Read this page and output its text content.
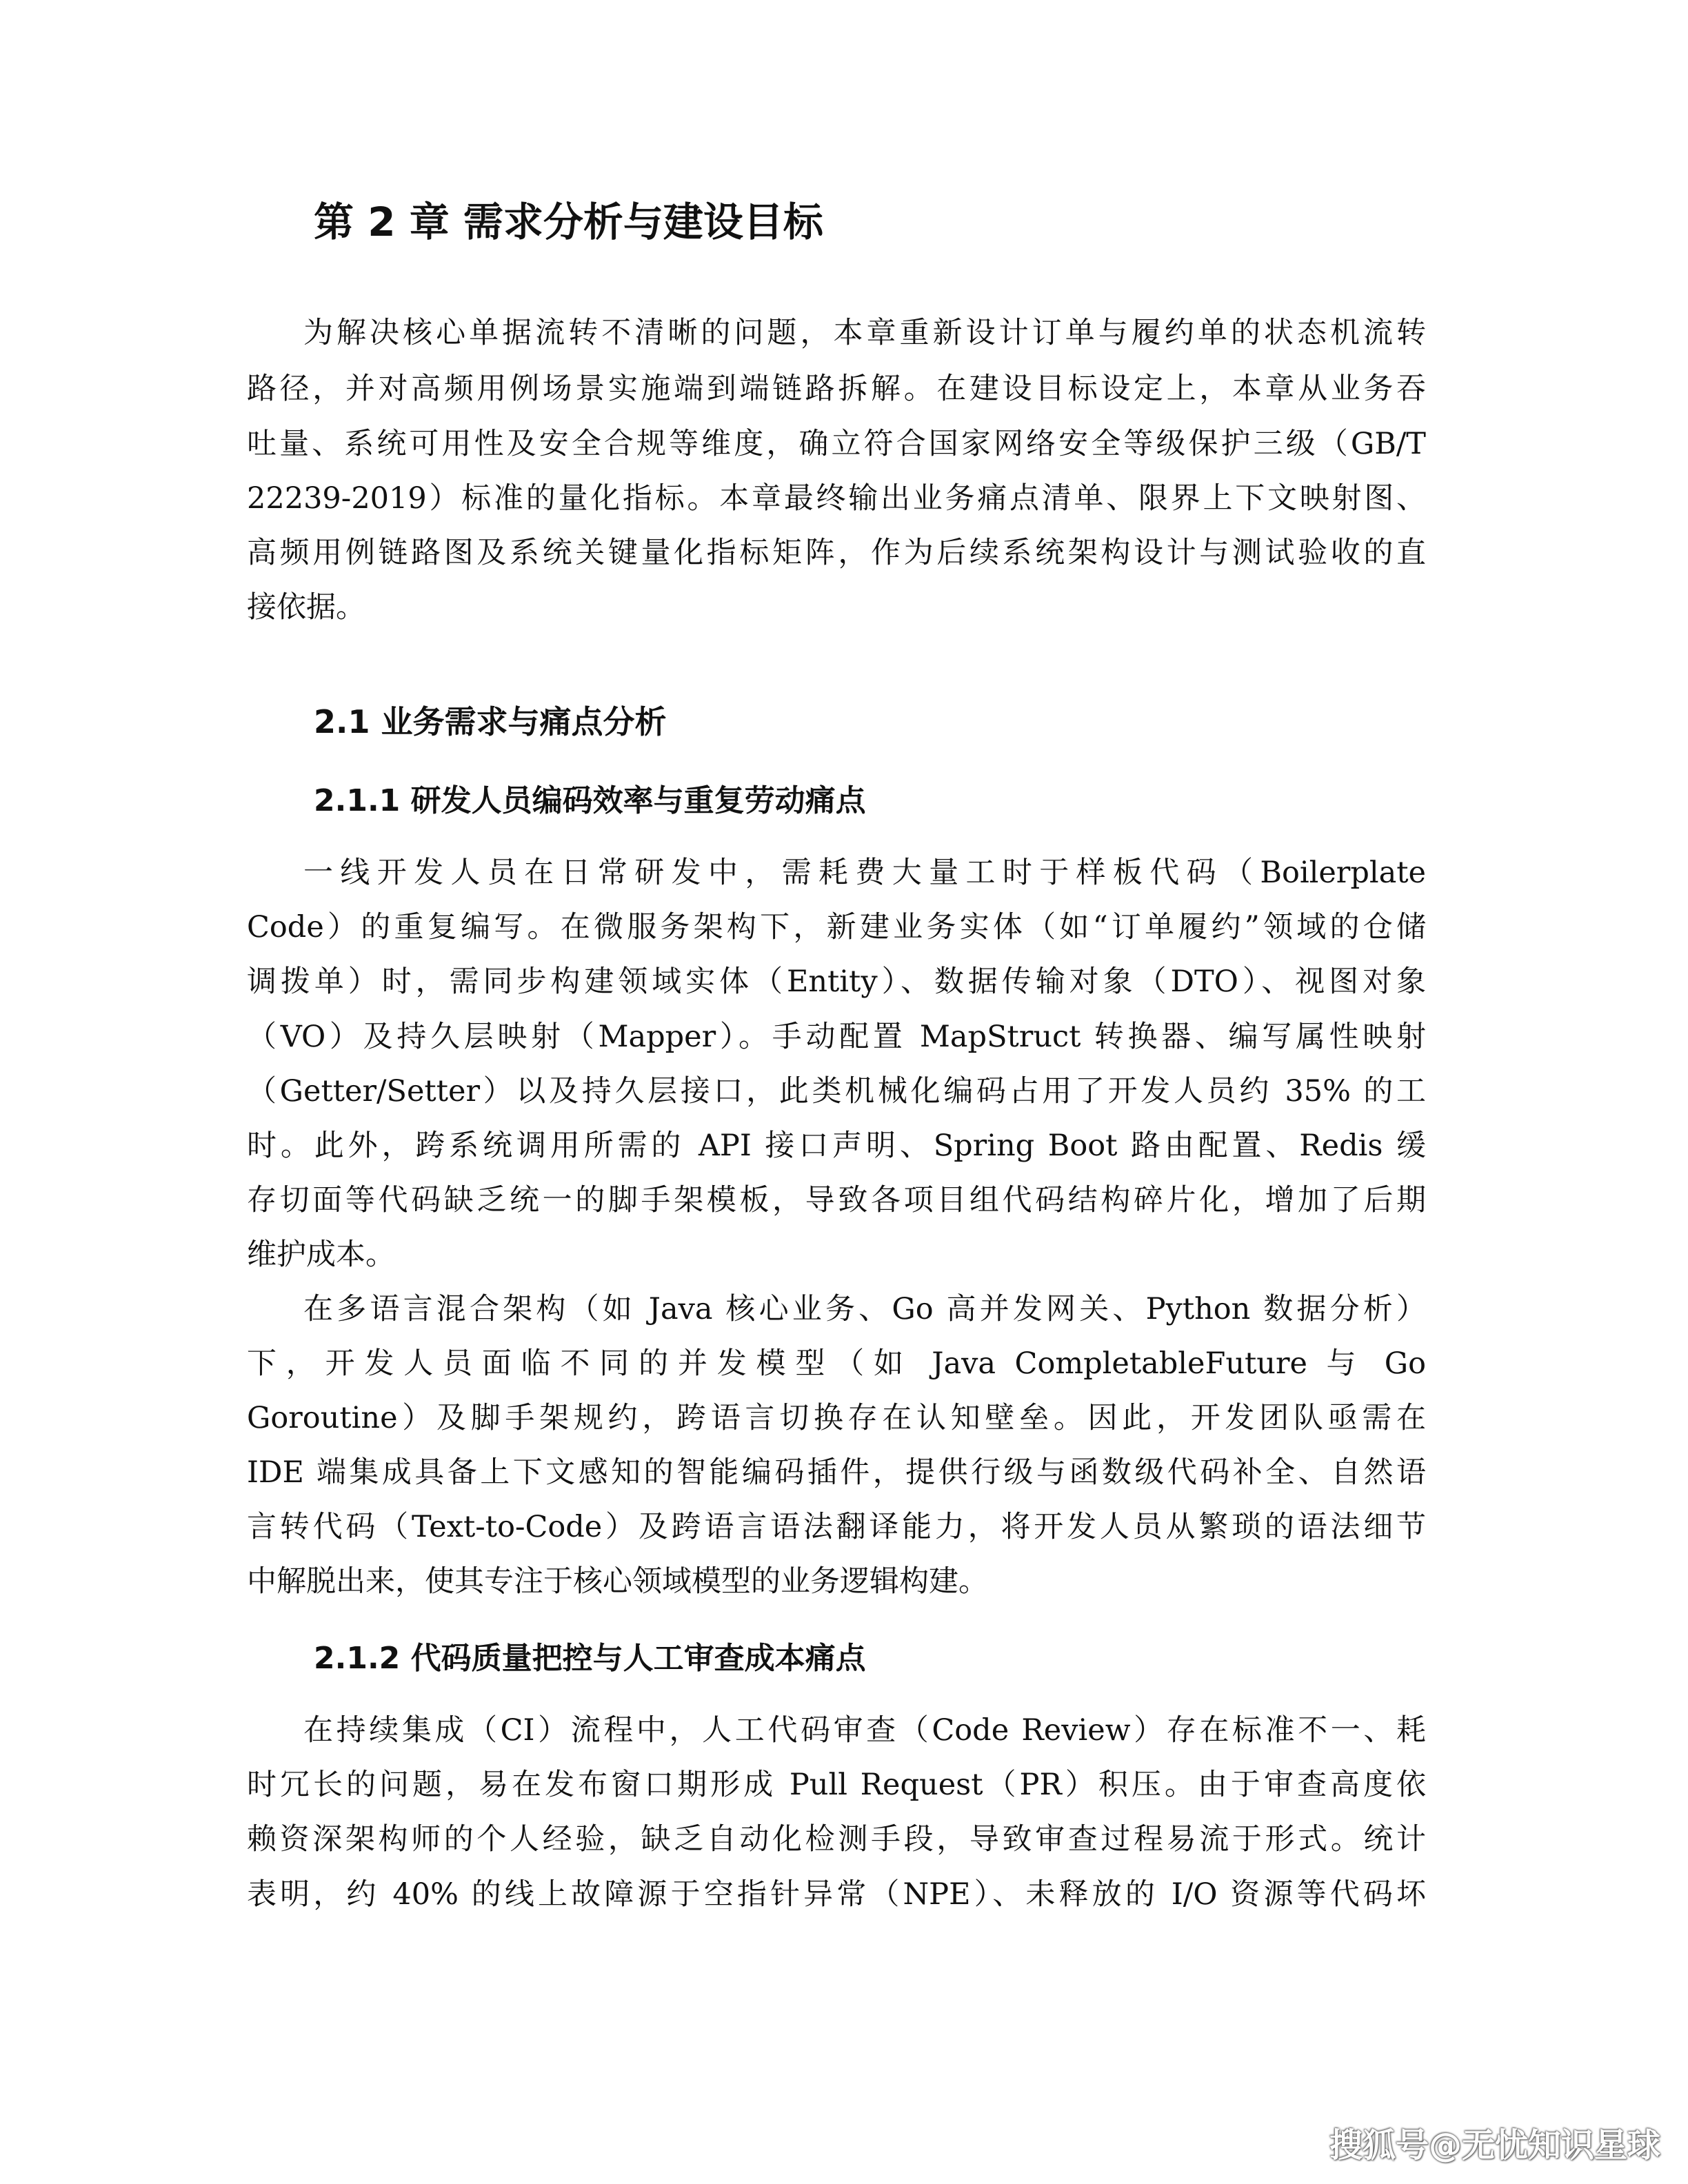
第 2 章 需求分析与建设目标
为解决核心单据流转不清晰的问题，本章重新设计订单与履约单的状态机流转
路径，并对高频用例场景实施端到端链路拆解。在建设目标设定上，本章从业务吞
吐量、系统可用性及安全合规等维度，确立符合国家网络安全等级保护三级（GB/T
22239-2019）标准的量化指标。本章最终输出业务痛点清单、限界上下文映射图、
高频用例链路图及系统关键量化指标矩阵，作为后续系统架构设计与测试验收的直
接依据。
2.1 业务需求与痛点分析
2.1.1 研发人员编码效率与重复劳动痛点
一线开发人员在日常研发中，需耗费大量工时于样板代码（Boilerplate
Code）的重复编写。在微服务架构下，新建业务实体（如“订单履约”领域的仓储
调拨单）时，需同步构建领域实体（Entity）、数据传输对象（DTO）、视图对象
（VO）及持久层映射（Mapper）。手动配置 MapStruct 转换器、编写属性映射
（Getter/Setter）以及持久层接口，此类机械化编码占用了开发人员约 35% 的工
时。此外，跨系统调用所需的 API 接口声明、Spring Boot 路由配置、Redis 缓
存切面等代码缺乏统一的脚手架模板，导致各项目组代码结构碎片化，增加了后期
维护成本。
在多语言混合架构（如 Java 核心业务、Go 高并发网关、Python 数据分析）
下，开发人员面临不同的并发模型（如 Java CompletableFuture 与 Go
Goroutine）及脚手架规约，跨语言切换存在认知壁垒。因此，开发团队亟需在
IDE 端集成具备上下文感知的智能编码插件，提供行级与函数级代码补全、自然语
言转代码（Text-to-Code）及跨语言语法翻译能力，将开发人员从繁琐的语法细节
中解脱出来，使其专注于核心领域模型的业务逻辑构建。
2.1.2 代码质量把控与人工审查成本痛点
在持续集成（CI）流程中，人工代码审查（Code Review）存在标准不一、耗
时冗长的问题，易在发布窗口期形成 Pull Request（PR）积压。由于审查高度依
赖资深架构师的个人经验，缺乏自动化检测手段，导致审查过程易流于形式。统计
表明，约 40% 的线上故障源于空指针异常（NPE）、未释放的 I/O 资源等代码坏
搜狐号@无忧知识星球
